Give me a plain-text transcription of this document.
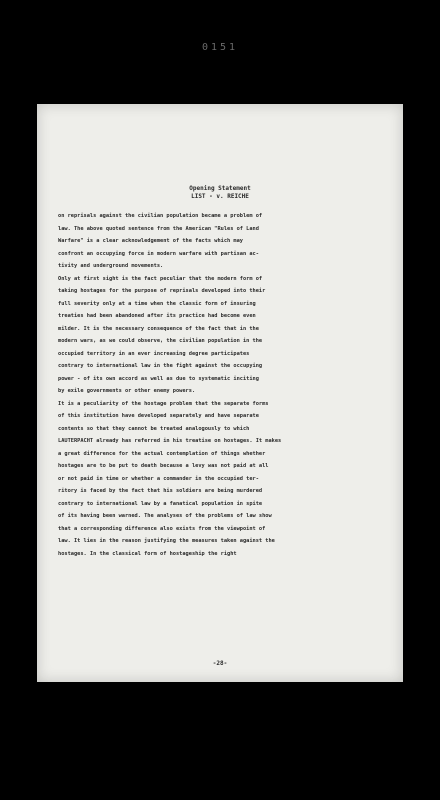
0151
Opening Statement
LIST - v. REICHE
on reprisals against the civilian population became a problem of
law. The above quoted sentence from the American "Rules of Land
Warfare" is a clear acknowledgement of the facts which may
confront an occupying force in modern warfare with partisan ac-
tivity and underground movements.
Only at first sight is the fact peculiar that the modern form of
taking hostages for the purpose of reprisals developed into their
full severity only at a time when the classic form of insuring
treaties had been abandoned after its practice had become even
milder. It is the necessary consequence of the fact that in the
modern wars, as we could observe, the civilian population in the
occupied territory in an ever increasing degree participates
contrary to international law in the fight against the occupying
power - of its own accord as well as due to systematic inciting
by exile governments or other enemy powers.
It is a peculiarity of the hostage problem that the separate forms
of this institution have developed separately and have separate
contents so that they cannot be treated analogously to which
LAUTERPACHT already has referred in his treatise on hostages. It makes
a great difference for the actual contemplation of things whether
hostages are to be put to death because a levy was not paid at all
or not paid in time or whether a commander in the occupied ter-
ritory is faced by the fact that his soldiers are being murdered
contrary to international law by a fanatical population in spite
of its having been warned. The analyses of the problems of law show
that a corresponding difference also exists from the viewpoint of
law. It lies in the reason justifying the measures taken against the
hostages. In the classical form of hostageship the right
-28-
